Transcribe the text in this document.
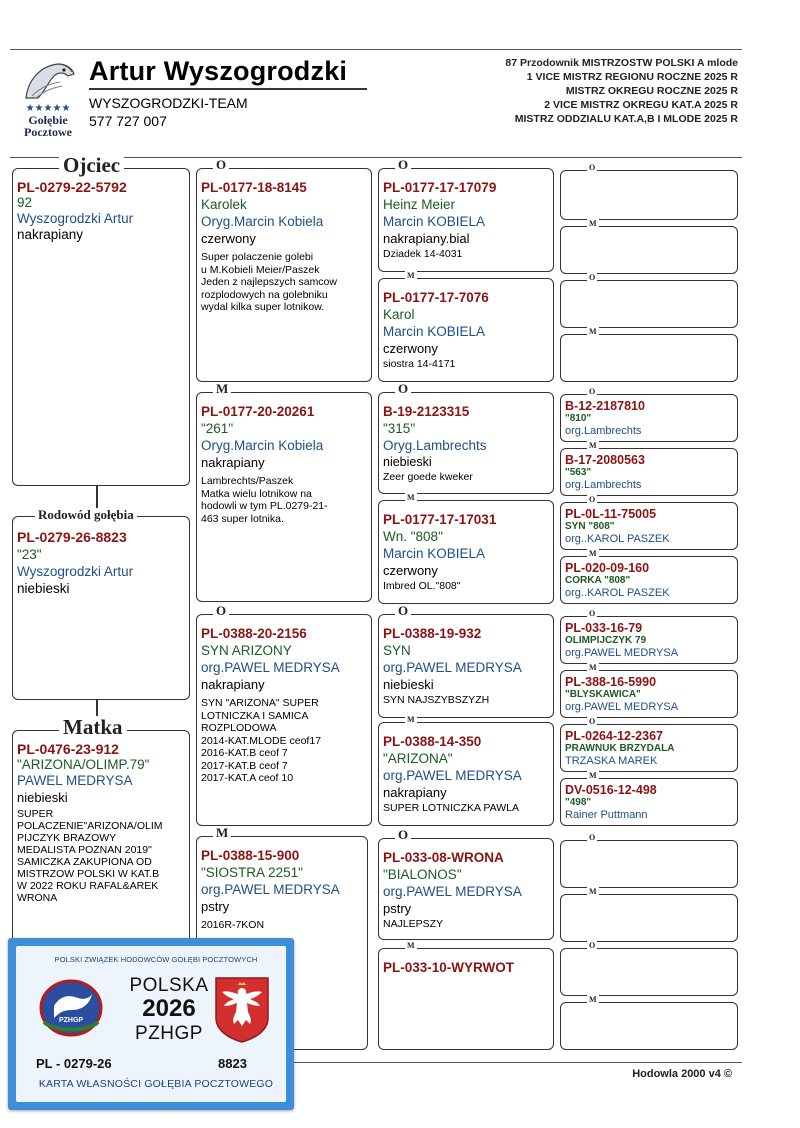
★★★★★
Gołębie
Pocztowe
Artur Wyszogrodzki
WYSZOGRODZKI-TEAM
577 727 007
87 Przodownik MISTRZOSTW POLSKI A mlode
1 VICE MISTRZ REGIONU ROCZNE 2025 R
MISTRZ OKREGU ROCZNE 2025 R
2 VICE MISTRZ OKREGU KAT.A 2025 R
MISTRZ ODDZIALU KAT.A,B I MLODE 2025 R
Ojciec
PL-0279-22-5792
92
Wyszogrodzki Artur
nakrapiany
Rodowód gołębia
PL-0279-26-8823
"23"
Wyszogrodzki Artur
niebieski
Matka
PL-0476-23-912
"ARIZONA/OLIMP.79"
PAWEL MEDRYSA
niebieski
SUPER
POLACZENIE"ARIZONA/OLIM
PIJCZYK BRAZOWY
MEDALISTA POZNAN 2019"
SAMICZKA ZAKUPIONA OD
MISTRZOW POLSKI W KAT.B
W 2022 ROKU RAFAL&AREK
WRONA
O
PL-0177-18-8145
Karolek
Oryg.Marcin Kobiela
czerwony
Super polaczenie golebi
u M.Kobieli Meier/Paszek
Jeden z najlepszych samcow
rozplodowych na golebniku
wydal kilka super lotnikow.
M
PL-0177-20-20261
"261"
Oryg.Marcin Kobiela
nakrapiany
Lambrechts/Paszek
Matka wielu lotnikow na
hodowli w tym PL.0279-21-
463 super lotnika.
O
PL-0388-20-2156
SYN ARIZONY
org.PAWEL MEDRYSA
nakrapiany
SYN "ARIZONA" SUPER
LOTNICZKA I SAMICA
ROZPLODOWA
2014-KAT.MLODE ceof17
2016-KAT.B ceof 7
2017-KAT.B ceof 7
2017-KAT.A ceof 10
M
PL-0388-15-900
"SIOSTRA 2251"
org.PAWEL MEDRYSA
pstry
2016R-7KON
O
PL-0177-17-17079
Heinz Meier
Marcin KOBIELA
nakrapiany.bial
Dziadek 14-4031
M
PL-0177-17-7076
Karol
Marcin KOBIELA
czerwony
siostra 14-4171
O
B-19-2123315
"315"
Oryg.Lambrechts
niebieski
Zeer goede kweker
M
PL-0177-17-17031
Wn. "808"
Marcin KOBIELA
czerwony
Imbred OL."808"
O
PL-0388-19-932
SYN
org.PAWEL MEDRYSA
niebieski
SYN NAJSZYBSZYZH
M
PL-0388-14-350
"ARIZONA"
org.PAWEL MEDRYSA
nakrapiany
SUPER LOTNICZKA PAWLA
O
PL-033-08-WRONA
"BIALONOS"
org.PAWEL MEDRYSA
pstry
NAJLEPSZY
M
PL-033-10-WYRWOT
O
M
O
M
O
B-12-2187810
"810"
org.Lambrechts
M
B-17-2080563
"563"
org.Lambrechts
O
PL-0L-11-75005
SYN "808"
org..KAROL PASZEK
M
PL-020-09-160
CORKA "808"
org..KAROL PASZEK
O
PL-033-16-79
OLIMPIJCZYK 79
org.PAWEL MEDRYSA
M
PL-388-16-5990
"BLYSKAWICA"
org.PAWEL MEDRYSA
O
PL-0264-12-2367
PRAWNUK BRZYDALA
TRZASKA MAREK
M
DV-0516-12-498
"498"
Rainer Puttmann
O
M
O
M
Hodowla 2000 v4 ©
POLSKI ZWIĄZEK HODOWCÓW GOŁĘBI POCZTOWYCH
PZHGP
POLSKA
2026
PZHGP
PL - 0279-26	8823
KARTA WŁASNOŚCI GOŁĘBIA POCZTOWEGO
